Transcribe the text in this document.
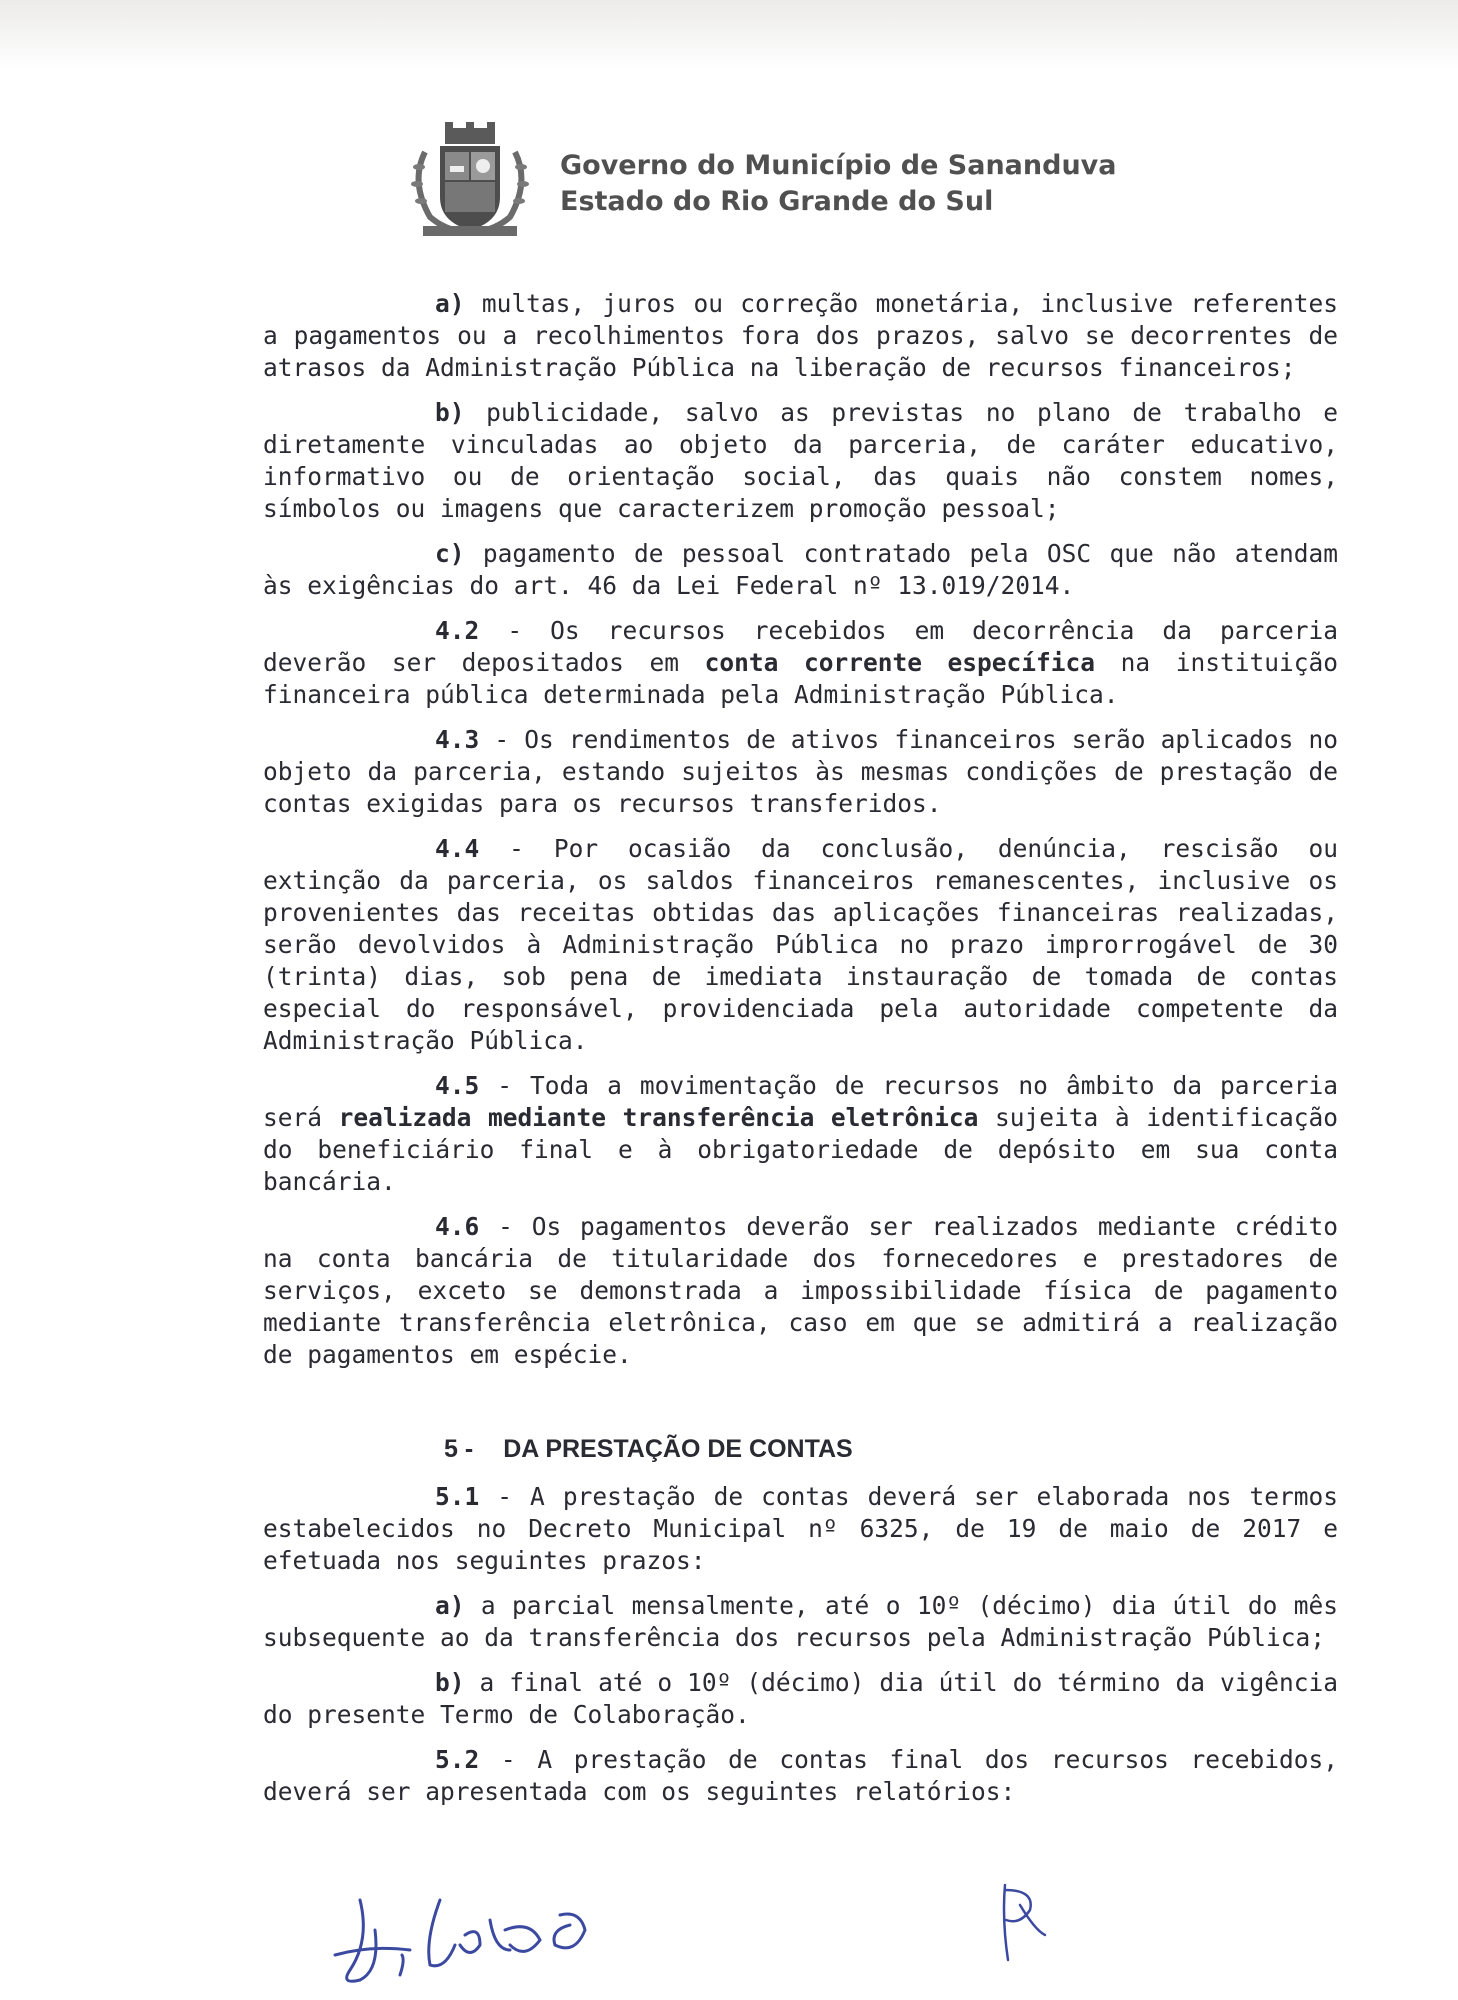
Governo do Município de Sananduva
Estado do Rio Grande do Sul

a) multas, juros ou correção monetária, inclusive referentes a pagamentos ou a recolhimentos fora dos prazos, salvo se decorrentes de atrasos da Administração Pública na liberação de recursos financeiros;

b) publicidade, salvo as previstas no plano de trabalho e diretamente vinculadas ao objeto da parceria, de caráter educativo, informativo ou de orientação social, das quais não constem nomes, símbolos ou imagens que caracterizem promoção pessoal;

c) pagamento de pessoal contratado pela OSC que não atendam às exigências do art. 46 da Lei Federal nº 13.019/2014.

4.2 - Os recursos recebidos em decorrência da parceria deverão ser depositados em conta corrente específica na instituição financeira pública determinada pela Administração Pública.

4.3 - Os rendimentos de ativos financeiros serão aplicados no objeto da parceria, estando sujeitos às mesmas condições de prestação de contas exigidas para os recursos transferidos.

4.4 - Por ocasião da conclusão, denúncia, rescisão ou extinção da parceria, os saldos financeiros remanescentes, inclusive os provenientes das receitas obtidas das aplicações financeiras realizadas, serão devolvidos à Administração Pública no prazo improrrogável de 30 (trinta) dias, sob pena de imediata instauração de tomada de contas especial do responsável, providenciada pela autoridade competente da Administração Pública.

4.5 - Toda a movimentação de recursos no âmbito da parceria será realizada mediante transferência eletrônica sujeita à identificação do beneficiário final e à obrigatoriedade de depósito em sua conta bancária.

4.6 - Os pagamentos deverão ser realizados mediante crédito na conta bancária de titularidade dos fornecedores e prestadores de serviços, exceto se demonstrada a impossibilidade física de pagamento mediante transferência eletrônica, caso em que se admitirá a realização de pagamentos em espécie.

5 - DA PRESTAÇÃO DE CONTAS

5.1 - A prestação de contas deverá ser elaborada nos termos estabelecidos no Decreto Municipal nº 6325, de 19 de maio de 2017 e efetuada nos seguintes prazos:

a) a parcial mensalmente, até o 10º (décimo) dia útil do mês subsequente ao da transferência dos recursos pela Administração Pública;

b) a final até o 10º (décimo) dia útil do término da vigência do presente Termo de Colaboração.

5.2 - A prestação de contas final dos recursos recebidos, deverá ser apresentada com os seguintes relatórios:
